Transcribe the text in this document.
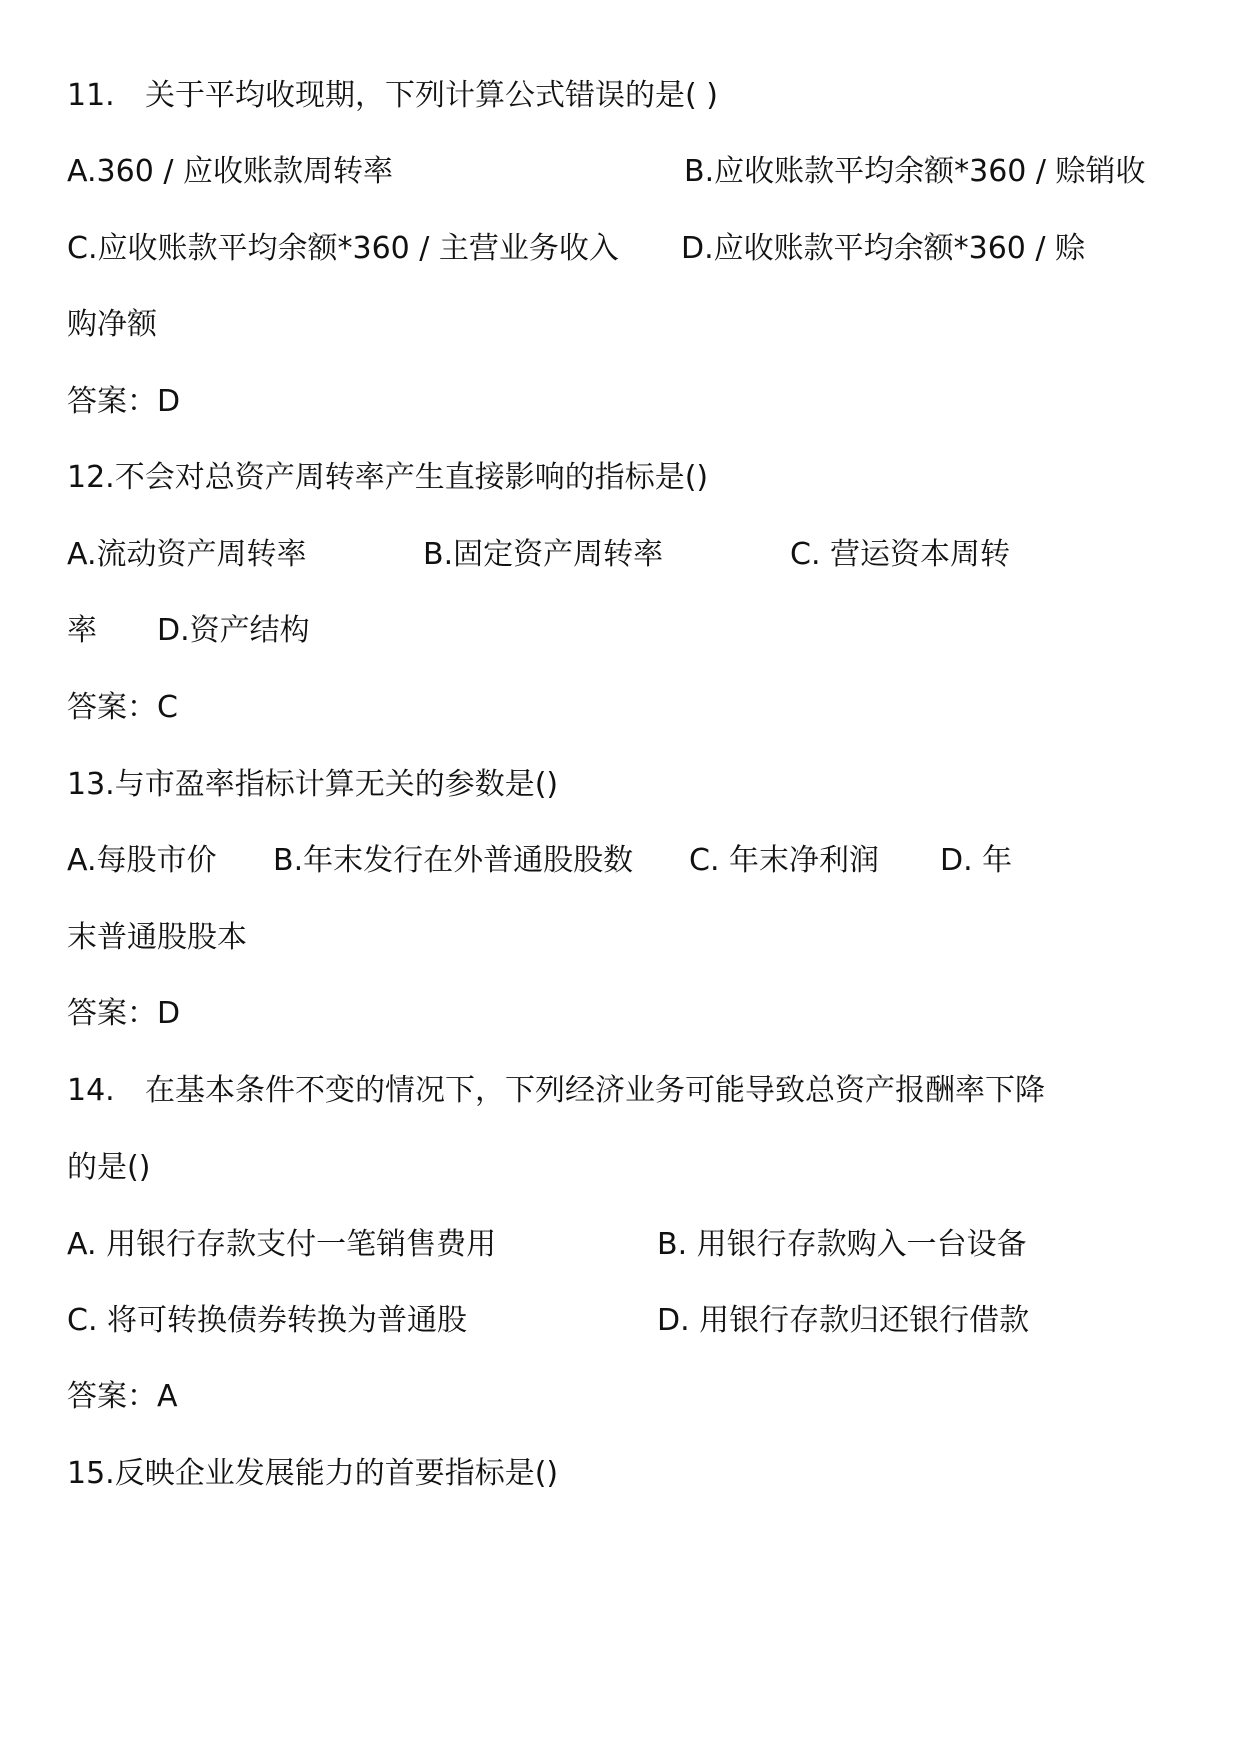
11. 关于平均收现期，下列计算公式错误的是( )
A.360 / 应收账款周转率	B.应收账款平均余额*360 / 赊销收
C.应收账款平均余额*360 / 主营业务收入 D.应收账款平均余额*360 / 赊
购净额
答案：D
12.不会对总资产周转率产生直接影响的指标是()
A.流动资产周转率	B.固定资产周转率	C. 营运资本周转
率 D.资产结构
答案：C
13.与市盈率指标计算无关的参数是()
A.每股市价 B.年末发行在外普通股股数 C. 年末净利润 D. 年
末普通股股本
答案：D
14. 在基本条件不变的情况下，下列经济业务可能导致总资产报酬率下降
的是()
A. 用银行存款支付一笔销售费用	B. 用银行存款购入一台设备
C. 将可转换债券转换为普通股	D. 用银行存款归还银行借款
答案：A
15.反映企业发展能力的首要指标是()
